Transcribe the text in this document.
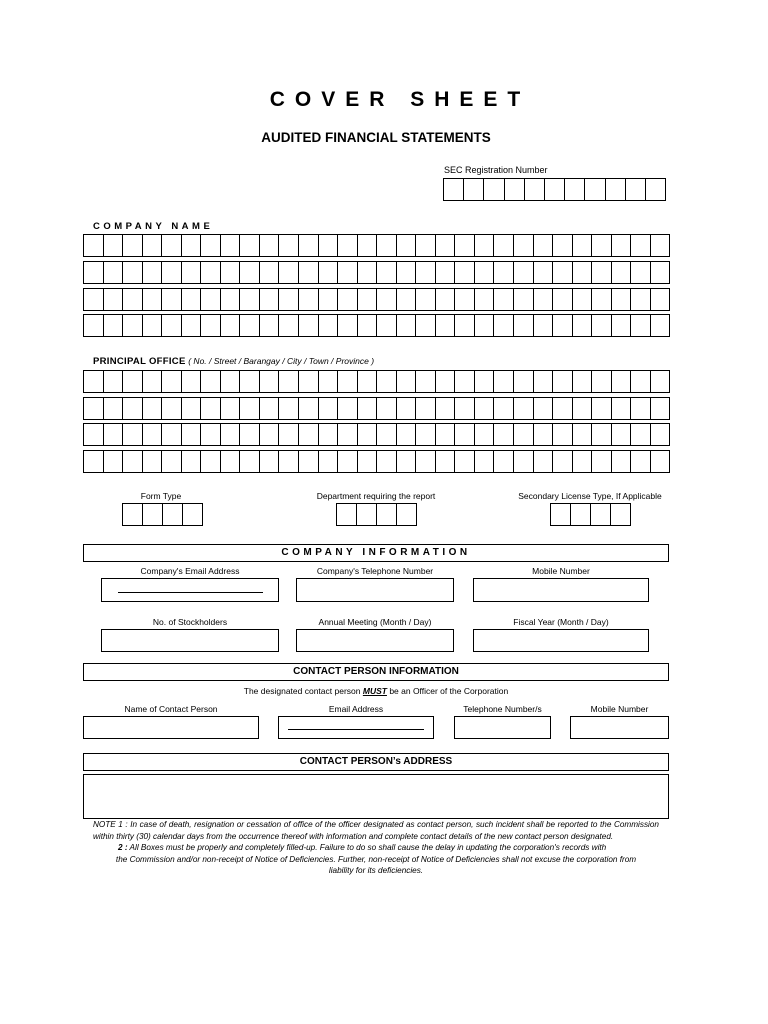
COVER SHEET
AUDITED FINANCIAL STATEMENTS
SEC Registration Number
COMPANY NAME
PRINCIPAL OFFICE ( No. / Street / Barangay / City / Town / Province )
Form Type	Department requiring the report	Secondary License Type, If Applicable
COMPANY INFORMATION
Company's Email Address	Company's Telephone Number	Mobile Number
No. of Stockholders	Annual Meeting (Month / Day)	Fiscal Year (Month / Day)
CONTACT PERSON INFORMATION
The designated contact person MUST be an Officer of the Corporation
Name of Contact Person	Email Address	Telephone Number/s	Mobile Number
CONTACT PERSON’s ADDRESS

NOTE 1 : In case of death, resignation or cessation of office of the officer designated as contact person, such incident shall be reported to the Commission within thirty (30) calendar days from the occurrence thereof with information and complete contact details of the new contact person designated.

2 : All Boxes must be properly and completely filled-up. Failure to do so shall cause the delay in updating the corporation's records with

the Commission and/or non-receipt of Notice of Deficiencies. Further, non-receipt of Notice of Deficiencies shall not excuse the corporation from

liability for its deficiencies.
